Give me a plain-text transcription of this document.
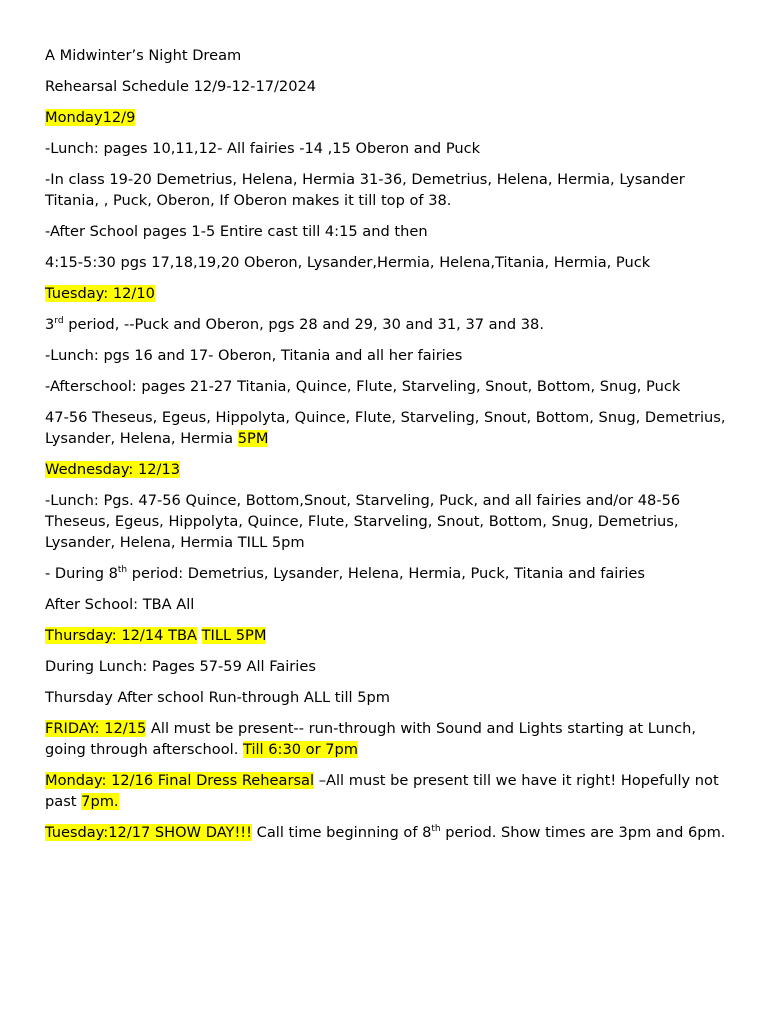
A Midwinter’s Night Dream

Rehearsal Schedule 12/9-12-17/2024

Monday12/9

-Lunch: pages 10,11,12- All fairies -14 ,15 Oberon and Puck

-In class 19-20 Demetrius, Helena, Hermia 31-36, Demetrius, Helena, Hermia, Lysander Titania, , Puck, Oberon, If Oberon makes it till top of 38.

-After School pages 1-5 Entire cast till 4:15 and then

4:15-5:30 pgs 17,18,19,20 Oberon, Lysander,Hermia, Helena,Titania, Hermia, Puck

Tuesday: 12/10

3rd period, --Puck and Oberon, pgs 28 and 29, 30 and 31, 37 and 38.

-Lunch: pgs 16 and 17- Oberon, Titania and all her fairies

-Afterschool: pages 21-27 Titania, Quince, Flute, Starveling, Snout, Bottom, Snug, Puck

47-56 Theseus, Egeus, Hippolyta, Quince, Flute, Starveling, Snout, Bottom, Snug, Demetrius, Lysander, Helena, Hermia 5PM

Wednesday: 12/13

-Lunch: Pgs. 47-56 Quince, Bottom,Snout, Starveling, Puck, and all fairies and/or 48-56 Theseus, Egeus, Hippolyta, Quince, Flute, Starveling, Snout, Bottom, Snug, Demetrius, Lysander, Helena, Hermia TILL 5pm

- During 8th period: Demetrius, Lysander, Helena, Hermia, Puck, Titania and fairies

After School: TBA All

Thursday: 12/14 TBA TILL 5PM

During Lunch: Pages 57-59 All Fairies

Thursday After school Run-through ALL till 5pm

FRIDAY: 12/15 All must be present-- run-through with Sound and Lights starting at Lunch, going through afterschool. Till 6:30 or 7pm

Monday: 12/16 Final Dress Rehearsal –All must be present till we have it right! Hopefully not past 7pm.

Tuesday:12/17 SHOW DAY!!! Call time beginning of 8th period. Show times are 3pm and 6pm.
